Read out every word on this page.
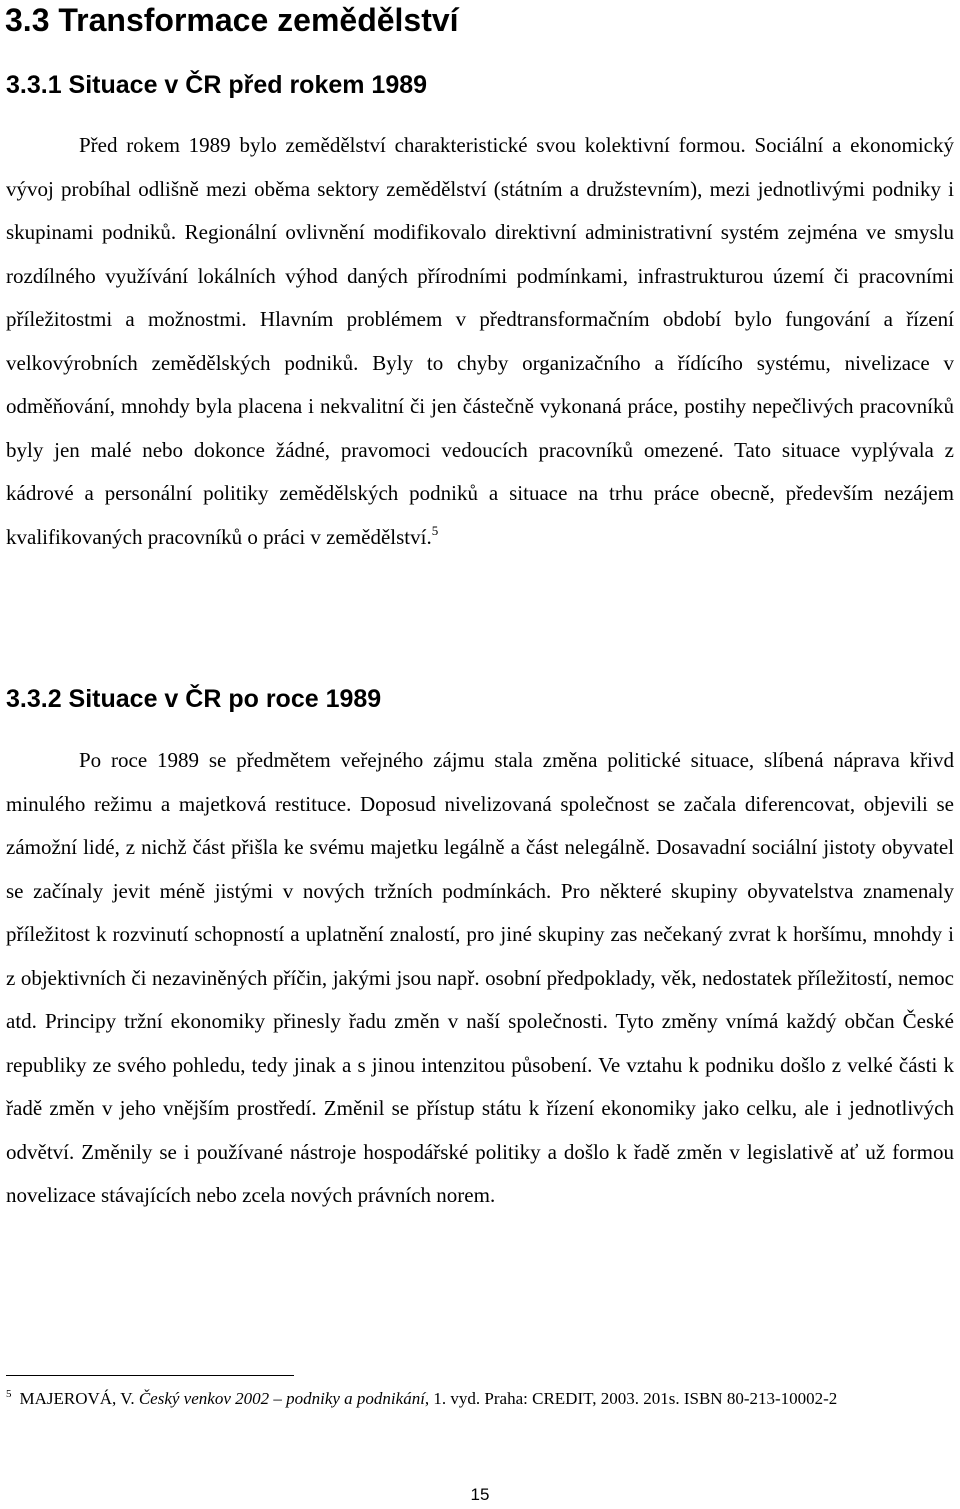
3.3 Transformace zemědělství
3.3.1 Situace v ČR před rokem 1989

Před rokem 1989 bylo zemědělství charakteristické svou kolektivní formou. Sociální a ekonomický vývoj probíhal odlišně mezi oběma sektory zemědělství (státním a družstevním), mezi jednotlivými podniky i skupinami podniků. Regionální ovlivnění modifikovalo direktivní administrativní systém zejména ve smyslu rozdílného využívání lokálních výhod daných přírodními podmínkami, infrastrukturou území či pracovními příležitostmi a možnostmi. Hlavním problémem v předtransformačním období bylo fungování a řízení velkovýrobních zemědělských podniků. Byly to chyby organizačního a řídícího systému, nivelizace v odměňování, mnohdy byla placena i nekvalitní či jen částečně vykonaná práce, postihy nepečlivých pracovníků byly jen malé nebo dokonce žádné, pravomoci vedoucích pracovníků omezené. Tato situace vyplývala z kádrové a personální politiky zemědělských podniků a situace na trhu práce obecně, především nezájem kvalifikovaných pracovníků o práci v zemědělství.$^5$

3.3.2 Situace v ČR po roce 1989

Po roce 1989 se předmětem veřejného zájmu stala změna politické situace, slíbená náprava křivd minulého režimu a majetková restituce. Doposud nivelizovaná společnost se začala diferencovat, objevili se zámožní lidé, z nichž část přišla ke svému majetku legálně a část nelegálně. Dosavadní sociální jistoty obyvatel se začínaly jevit méně jistými v nových tržních podmínkách. Pro některé skupiny obyvatelstva znamenaly příležitost k rozvinutí schopností a uplatnění znalostí, pro jiné skupiny zas nečekaný zvrat k horšímu, mnohdy i z objektivních či nezaviněných příčin, jakými jsou např. osobní předpoklady, věk, nedostatek příležitostí, nemoc atd. Principy tržní ekonomiky přinesly řadu změn v naší společnosti. Tyto změny vnímá každý občan České republiky ze svého pohledu, tedy jinak a s jinou intenzitou působení. Ve vztahu k podniku došlo z velké části k řadě změn v jeho vnějším prostředí. Změnil se přístup státu k řízení ekonomiky jako celku, ale i jednotlivých odvětví. Změnily se i používané nástroje hospodářské politiky a došlo k řadě změn v legislativě ať už formou novelizace stávajících nebo zcela nových právních norem.

$^5$ MAJEROVÁ, V. Český venkov 2002 – podniky a podnikání, 1. vyd. Praha: CREDIT, 2003. 201s. ISBN 80-213-10002-2

15
